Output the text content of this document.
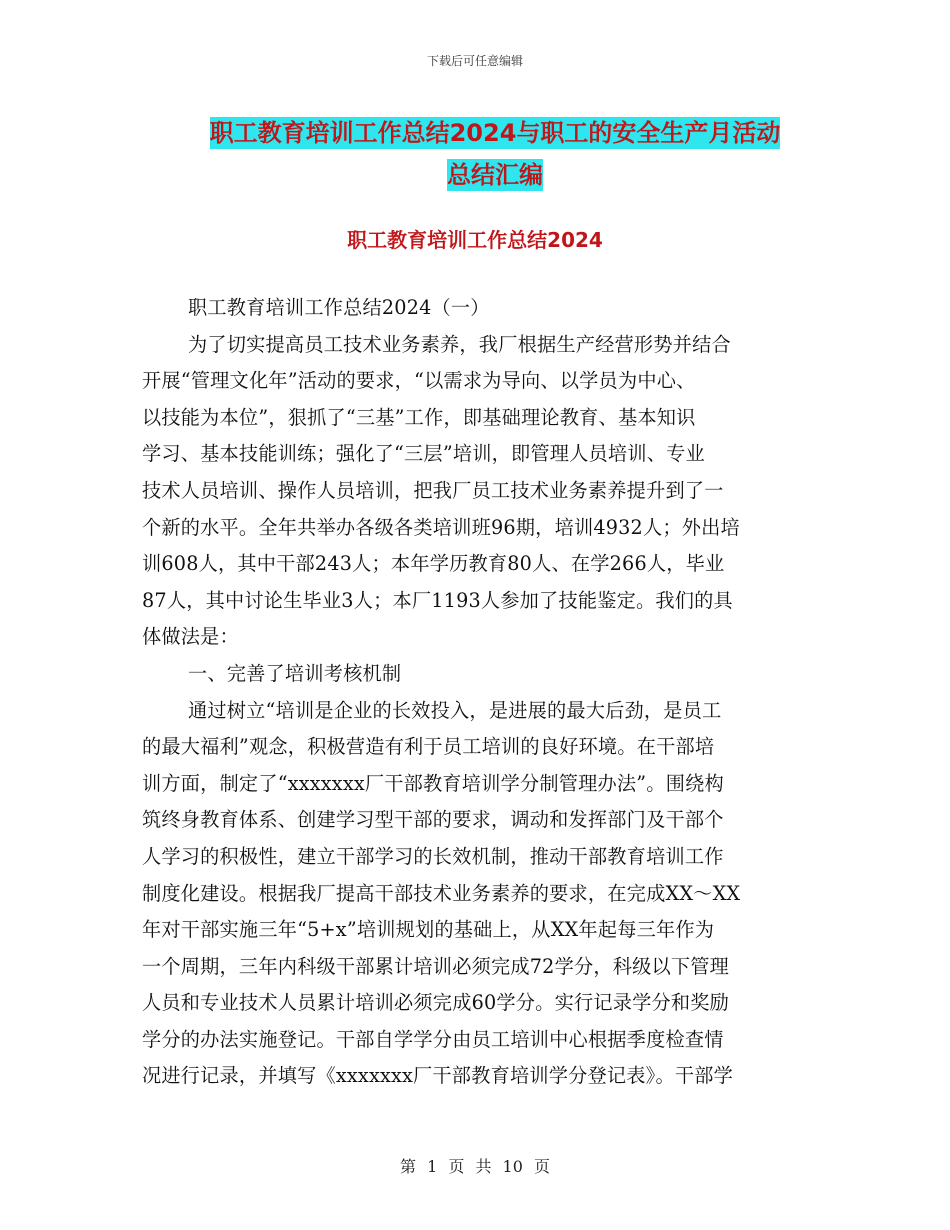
下载后可任意编辑
职工教育培训工作总结2024与职工的安全生产月活动
总结汇编
职工教育培训工作总结2024
职工教育培训工作总结2024（一）
为了切实提高员工技术业务素养，我厂根据生产经营形势并结合
开展“管理文化年”活动的要求，“以需求为导向、以学员为中心、
以技能为本位”，狠抓了“三基”工作，即基础理论教育、基本知识
学习、基本技能训练；强化了“三层”培训，即管理人员培训、专业
技术人员培训、操作人员培训，把我厂员工技术业务素养提升到了一
个新的水平。全年共举办各级各类培训班96期，培训4932人；外出培
训608人，其中干部243人；本年学历教育80人、在学266人，毕业
87人，其中讨论生毕业3人；本厂1193人参加了技能鉴定。我们的具
体做法是：
一、完善了培训考核机制
通过树立“培训是企业的长效投入，是进展的最大后劲，是员工
的最大福利”观念，积极营造有利于员工培训的良好环境。在干部培
训方面，制定了“xxxxxxx厂干部教育培训学分制管理办法”。围绕构
筑终身教育体系、创建学习型干部的要求，调动和发挥部门及干部个
人学习的积极性，建立干部学习的长效机制，推动干部教育培训工作
制度化建设。根据我厂提高干部技术业务素养的要求，在完成XX～XX
年对干部实施三年“5+x”培训规划的基础上，从XX年起每三年作为
一个周期，三年内科级干部累计培训必须完成72学分，科级以下管理
人员和专业技术人员累计培训必须完成60学分。实行记录学分和奖励
学分的办法实施登记。干部自学学分由员工培训中心根据季度检查情
况进行记录，并填写《xxxxxxx厂干部教育培训学分登记表》。干部学
第 1 页 共 10 页
